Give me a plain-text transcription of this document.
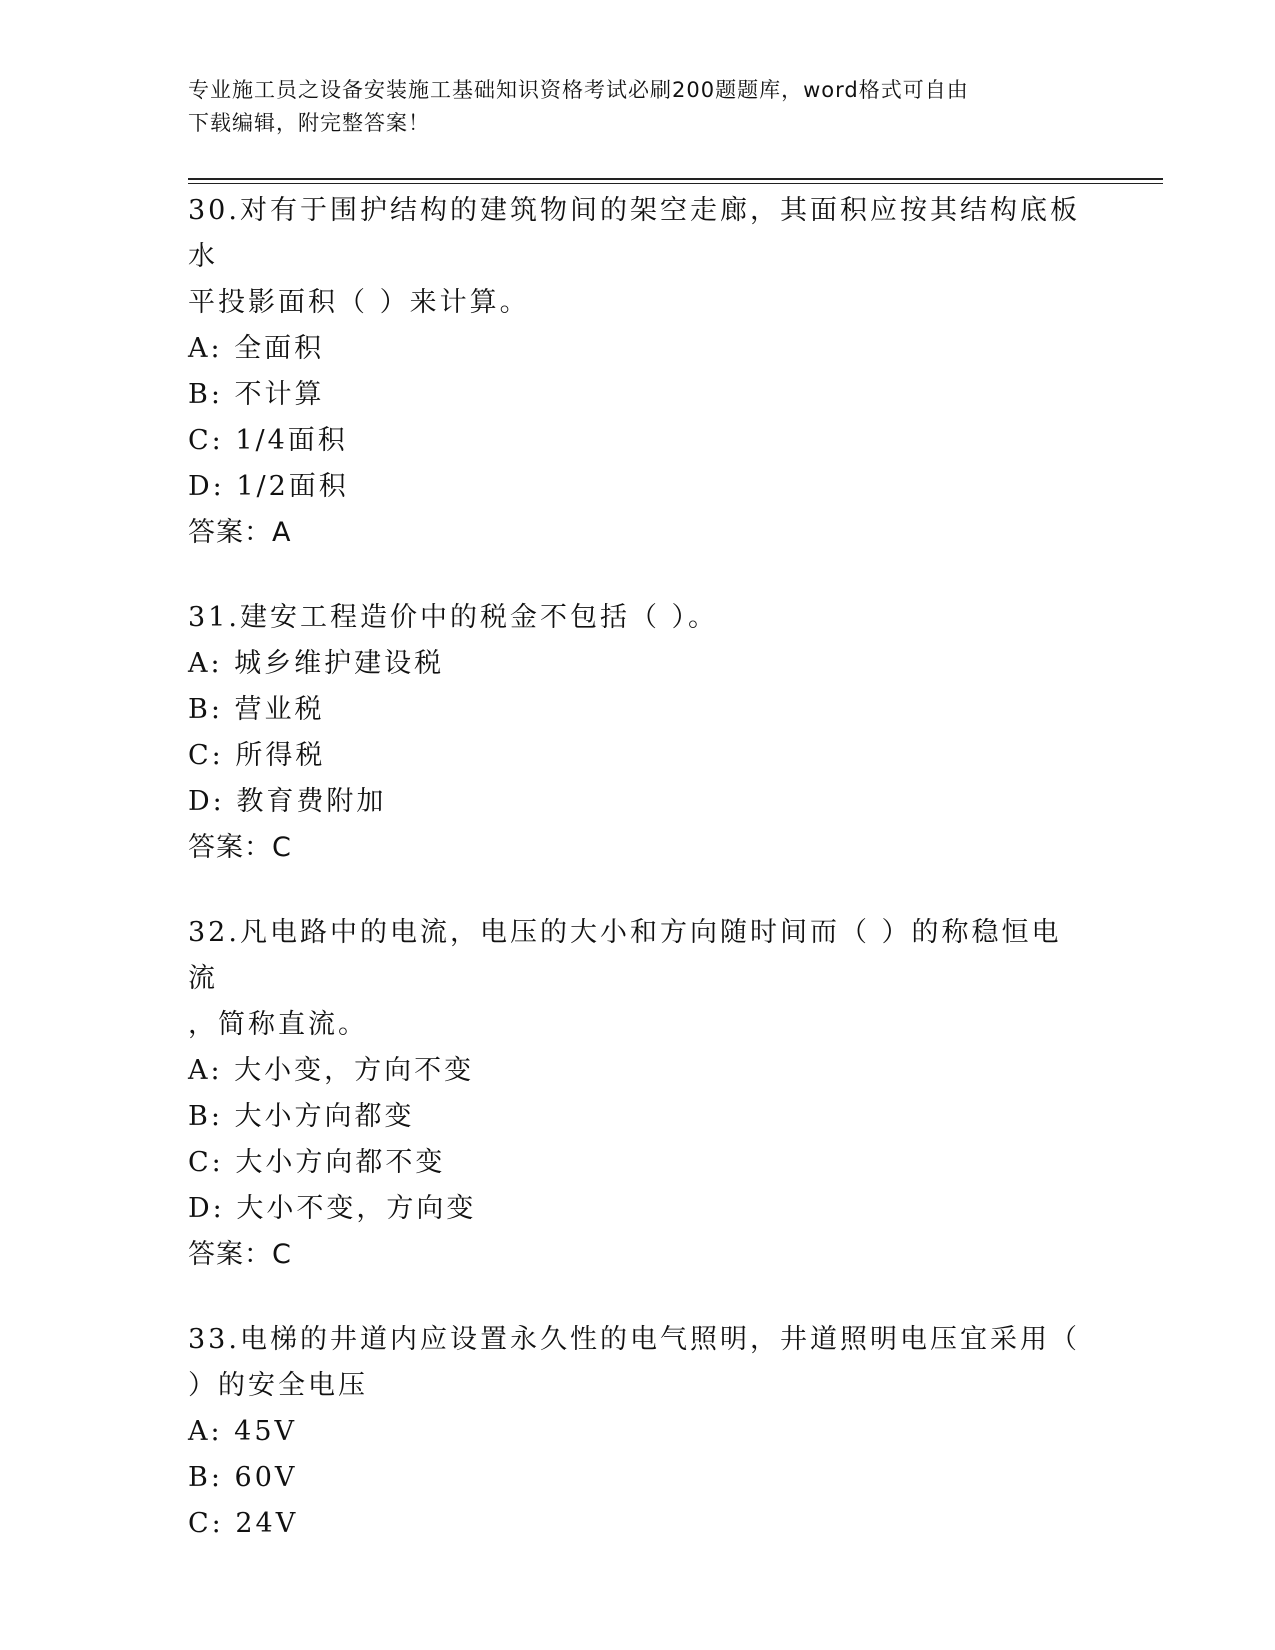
专业施工员之设备安装施工基础知识资格考试必刷200题题库，word格式可自由
下载编辑，附完整答案！

30.对有于围护结构的建筑物间的架空走廊，其面积应按其结构底板水
平投影面积（ ）来计算。

A: 全面积

B: 不计算

C: 1/4面积

D: 1/2面积

答案：A

31.建安工程造价中的税金不包括（ ）。

A: 城乡维护建设税

B: 营业税

C: 所得税

D: 教育费附加

答案：C

32.凡电路中的电流，电压的大小和方向随时间而（ ）的称稳恒电流
，简称直流。

A: 大小变，方向不变

B: 大小方向都变

C: 大小方向都不变

D: 大小不变，方向变

答案：C

33.电梯的井道内应设置永久性的电气照明，井道照明电压宜采用（
）的安全电压

A: 45V

B: 60V

C: 24V
